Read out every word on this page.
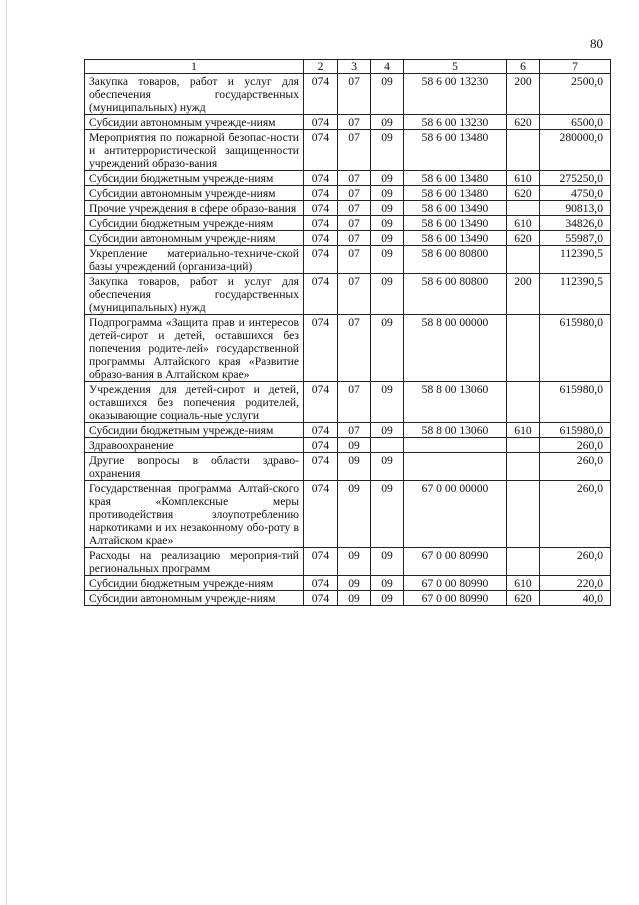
80
1	2	3	4	5	6	7
Закупка товаров, работ и услуг для обеспечения государственных (муниципальных) нужд	074	07	09	58 6 00 13230	200	2500,0
Субсидии автономным учрежде-ниям	074	07	09	58 6 00 13230	620	6500,0
Мероприятия по пожарной безопас-ности и антитеррористической защищенности учреждений образо-вания	074	07	09	58 6 00 13480		280000,0
Субсидии бюджетным учрежде-ниям	074	07	09	58 6 00 13480	610	275250,0
Субсидии автономным учрежде-ниям	074	07	09	58 6 00 13480	620	4750,0
Прочие учреждения в сфере образо-вания	074	07	09	58 6 00 13490		90813,0
Субсидии бюджетным учрежде-ниям	074	07	09	58 6 00 13490	610	34826,0
Субсидии автономным учрежде-ниям	074	07	09	58 6 00 13490	620	55987,0
Укрепление материально-техниче-ской базы учреждений (организа-ций)	074	07	09	58 6 00 80800		112390,5
Закупка товаров, работ и услуг для обеспечения государственных (муниципальных) нужд	074	07	09	58 6 00 80800	200	112390,5
Подпрограмма «Защита прав и интересов детей-сирот и детей, оставшихся без попечения родите-лей» государственной программы Алтайского края «Развитие образо-вания в Алтайском крае»	074	07	09	58 8 00 00000		615980,0
Учреждения для детей-сирот и детей, оставшихся без попечения родителей, оказывающие социаль-ные услуги	074	07	09	58 8 00 13060		615980,0
Субсидии бюджетным учрежде-ниям	074	07	09	58 8 00 13060	610	615980,0
Здравоохранение	074	09				260,0
Другие вопросы в области здраво-охранения	074	09	09			260,0
Государственная программа Алтай-ского края «Комплексные меры противодействия злоупотреблению наркотиками и их незаконному обо-роту в Алтайском крае»	074	09	09	67 0 00 00000		260,0
Расходы на реализацию мероприя-тий региональных программ	074	09	09	67 0 00 80990		260,0
Субсидии бюджетным учрежде-ниям	074	09	09	67 0 00 80990	610	220,0
Субсидии автономным учрежде-ниям	074	09	09	67 0 00 80990	620	40,0
